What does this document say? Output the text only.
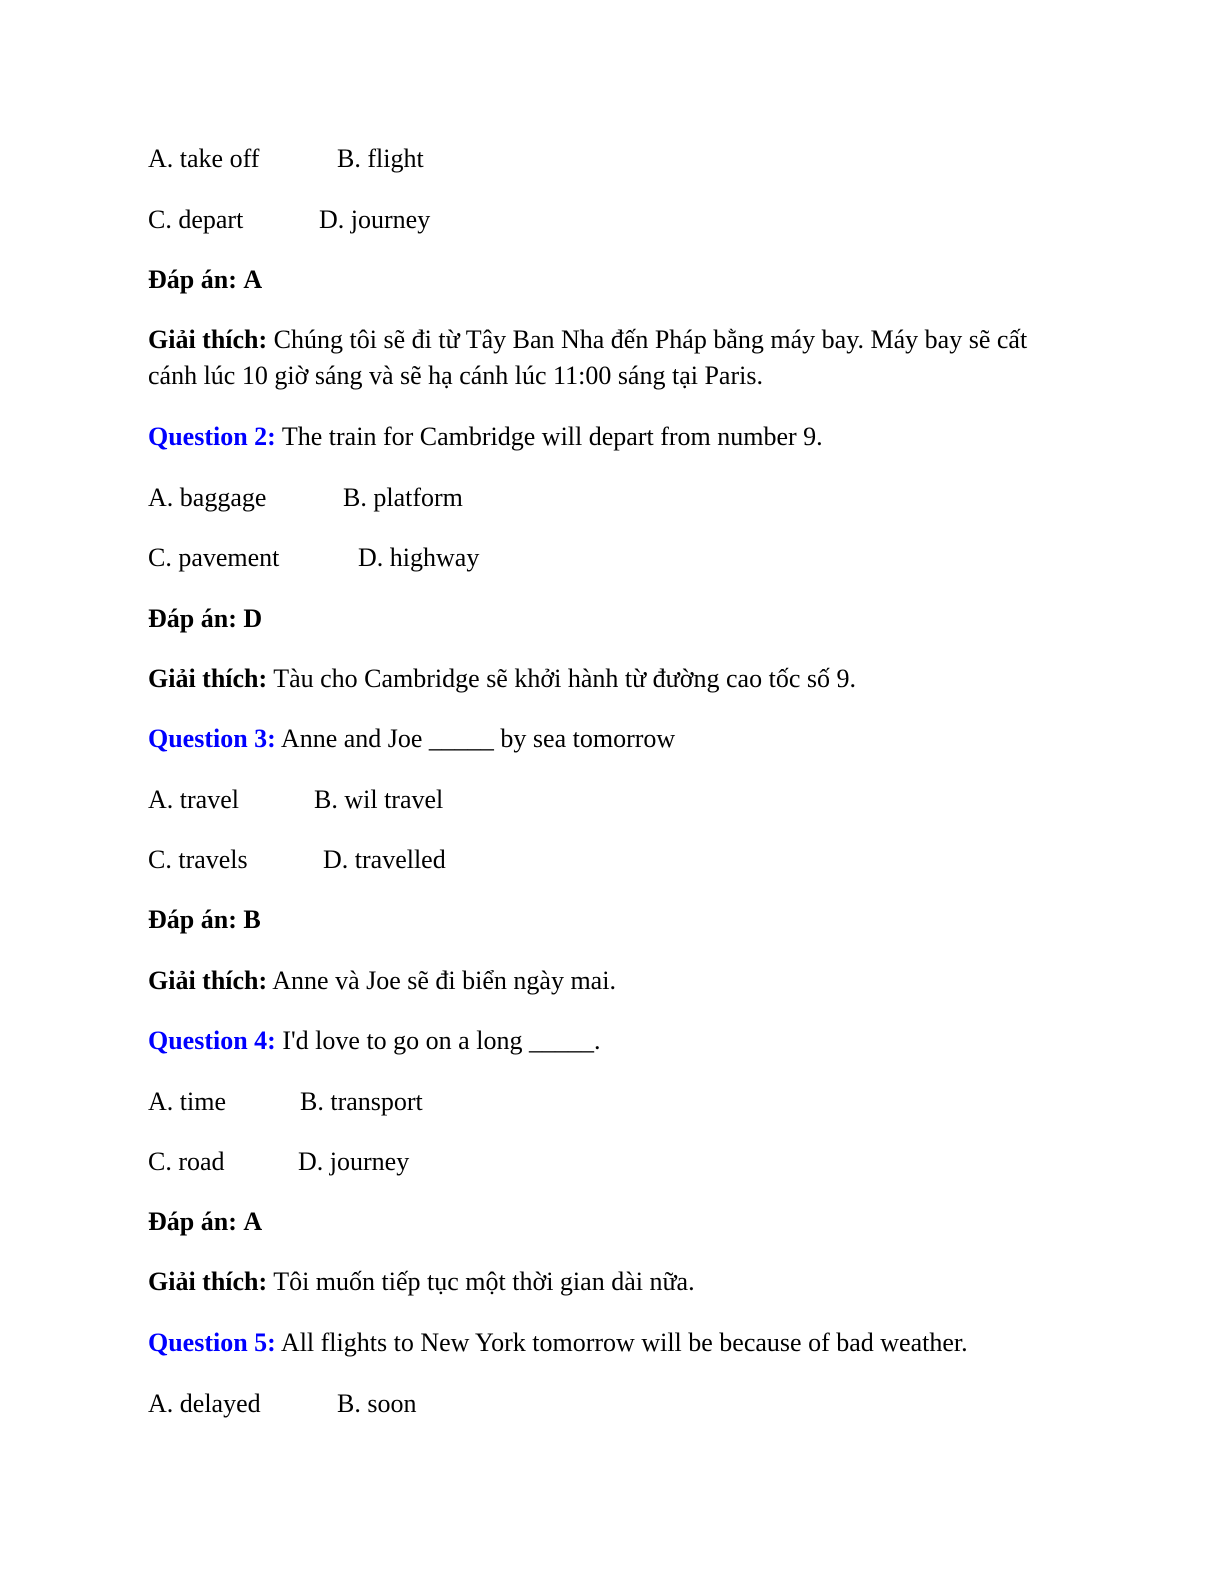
A. take off	B. flight
C. depart	D. journey
Đáp án: A
Giải thích: Chúng tôi sẽ đi từ Tây Ban Nha đến Pháp bằng máy bay. Máy bay sẽ cất cánh lúc 10 giờ sáng và sẽ hạ cánh lúc 11:00 sáng tại Paris.
Question 2: The train for Cambridge will depart from number 9.
A. baggage	B. platform
C. pavement	D. highway
Đáp án: D
Giải thích: Tàu cho Cambridge sẽ khởi hành từ đường cao tốc số 9.
Question 3: Anne and Joe _____ by sea tomorrow
A. travel	B. wil travel
C. travels	D. travelled
Đáp án: B
Giải thích: Anne và Joe sẽ đi biển ngày mai.
Question 4: I'd love to go on a long _____.
A. time	B. transport
C. road	D. journey
Đáp án: A
Giải thích: Tôi muốn tiếp tục một thời gian dài nữa.
Question 5: All flights to New York tomorrow will be because of bad weather.
A. delayed	B. soon
